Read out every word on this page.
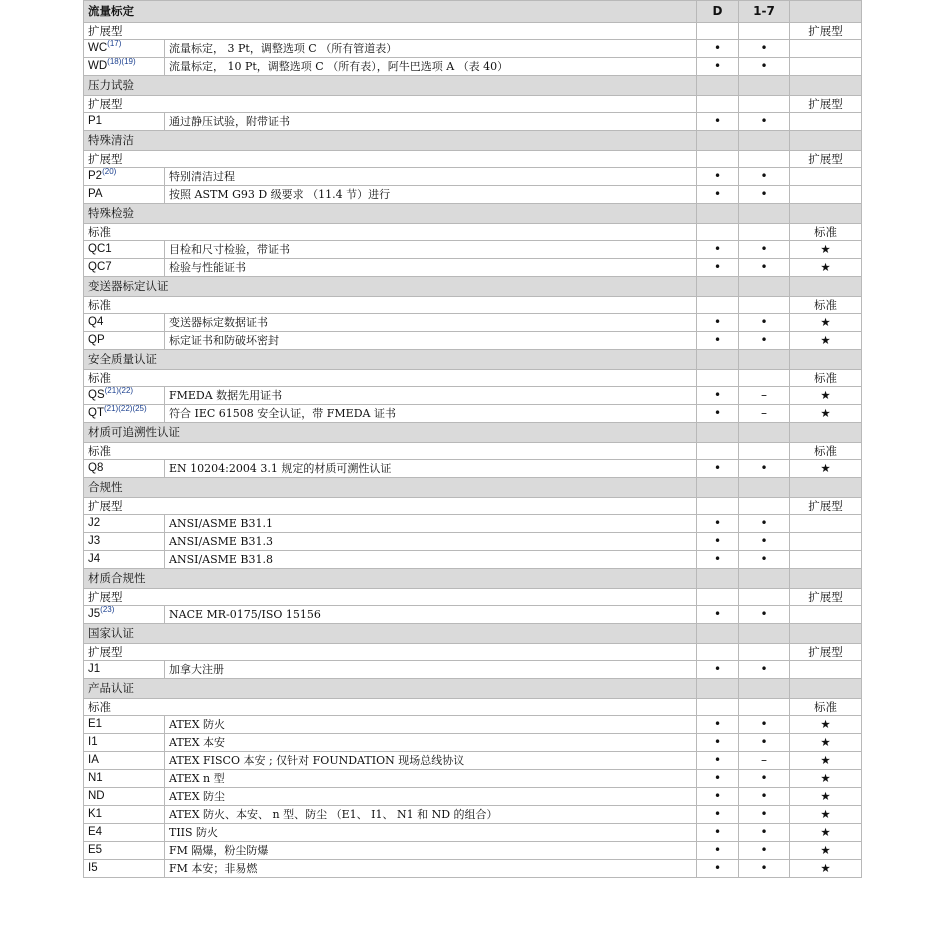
流量标定		D	1-7	
扩展型				扩展型
WC$^{(17)}$	流量标定， 3 Pt，调整选项 C （所有管道表）	•	•	
$WD^{(18)(19)}$	流量标定， 10 Pt，调整选项 C （所有表），阿牛巴选项 A （表 40）	•	•	
压力试验				
扩展型				扩展型
P1	通过静压试验，附带证书	•	•	
特殊清洁				
扩展型				扩展型
P2$^{(20)}$	特别清洁过程	•	•	
PA	按照 ASTM G93 D 级要求 （11.4 节）进行	•	•	
特殊检验				
标准				标准
QC1	目检和尺寸检验，带证书	•	•	★
QC7	检验与性能证书	•	•	★
变送器标定认证				
标准				标准
Q4	变送器标定数据证书	•	•	★
QP	标定证书和防破坏密封	•	•	★
安全质量认证				
标准				标准
$QS^{(21)(22)}$	FMEDA 数据先用证书	•	–	★
$QT^{(21)(22)(25)}$	符合 IEC 61508 安全认证，带 FMEDA 证书	•	–	★
材质可追溯性认证				
标准				标准
Q8	EN 10204:2004 3.1 规定的材质可溯性认证	•	•	★
合规性				
扩展型				扩展型
J2	ANSI/ASME B31.1	•	•	
J3	ANSI/ASME B31.3	•	•	
J4	ANSI/ASME B31.8	•	•	
材质合规性				
扩展型				扩展型
J5$^{(23)}$	NACE MR-0175/ISO 15156	•	•	
国家认证				
扩展型				扩展型
J1	加拿大注册	•	•	
产品认证				
标准				标准
E1	ATEX 防火	•	•	★
I1	ATEX 本安	•	•	★
IA	ATEX FISCO 本安 ; 仅针对 FOUNDATION 现场总线协议	•	–	★
N1	ATEX n 型	•	•	★
ND	ATEX 防尘	•	•	★
K1	ATEX 防火、本安、 n 型、防尘 （E1、 I1、 N1 和 ND 的组合）	•	•	★
E4	TIIS 防火	•	•	★
E5	FM 隔爆，粉尘防爆	•	•	★
I5	FM 本安；非易燃	•	•	★
